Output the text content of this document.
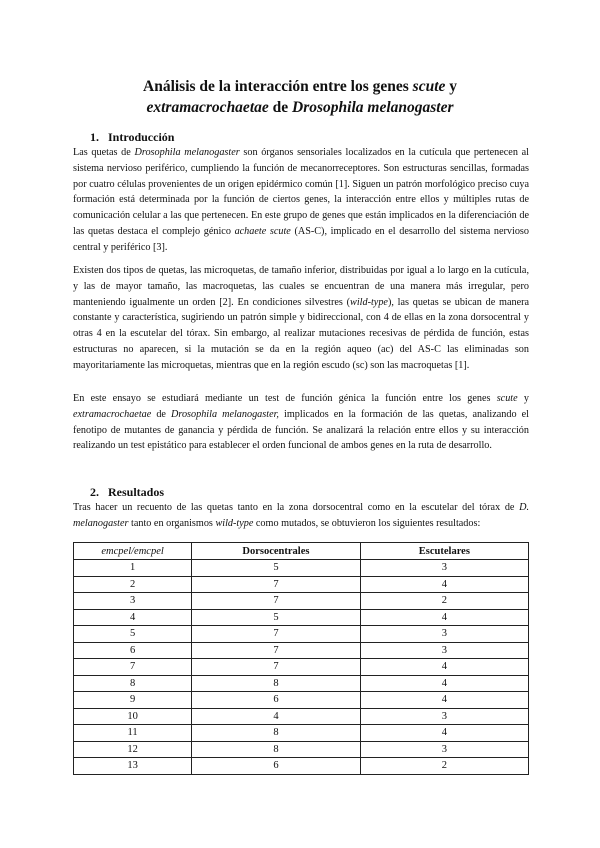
Análisis de la interacción entre los genes scute y
extramacrochaetae de Drosophila melanogaster
1. Introducción
Las quetas de Drosophila melanogaster son órganos sensoriales localizados en la cutícula que pertenecen al sistema nervioso periférico, cumpliendo la función de mecanorreceptores. Son estructuras sencillas, formadas por cuatro células provenientes de un origen epidérmico común [1]. Siguen un patrón morfológico preciso cuya formación está determinada por la función de ciertos genes, la interacción entre ellos y múltiples rutas de comunicación celular a las que pertenecen. En este grupo de genes que están implicados en la diferenciación de las quetas destaca el complejo génico achaete scute (AS-C), implicado en el desarrollo del sistema nervioso central y periférico [3].
Existen dos tipos de quetas, las microquetas, de tamaño inferior, distribuidas por igual a lo largo en la cutícula, y las de mayor tamaño, las macroquetas, las cuales se encuentran de una manera más irregular, pero manteniendo igualmente un orden [2]. En condiciones silvestres (wild-type), las quetas se ubican de manera constante y característica, sugiriendo un patrón simple y bidireccional, con 4 de ellas en la zona dorsocentral y otras 4 en la escutelar del tórax. Sin embargo, al realizar mutaciones recesivas de pérdida de función, estas estructuras no aparecen, si la mutación se da en la región aqueo (ac) del AS-C las eliminadas son mayoritariamente las microquetas, mientras que en la región escudo (sc) son las macroquetas [1].
En este ensayo se estudiará mediante un test de función génica la función entre los genes scute y extramacrochaetae de Drosophila melanogaster, implicados en la formación de las quetas, analizando el fenotipo de mutantes de ganancia y pérdida de función. Se analizará la relación entre ellos y su interacción realizando un test epistático para establecer el orden funcional de ambos genes en la ruta de desarrollo.
2. Resultados
Tras hacer un recuento de las quetas tanto en la zona dorsocentral como en la escutelar del tórax de D. melanogaster tanto en organismos wild-type como mutados, se obtuvieron los siguientes resultados:
emcpel/emcpel	Dorsocentrales	Escutelares
1	5	3
2	7	4
3	7	2
4	5	4
5	7	3
6	7	3
7	7	4
8	8	4
9	6	4
10	4	3
11	8	4
12	8	3
13	6	2
